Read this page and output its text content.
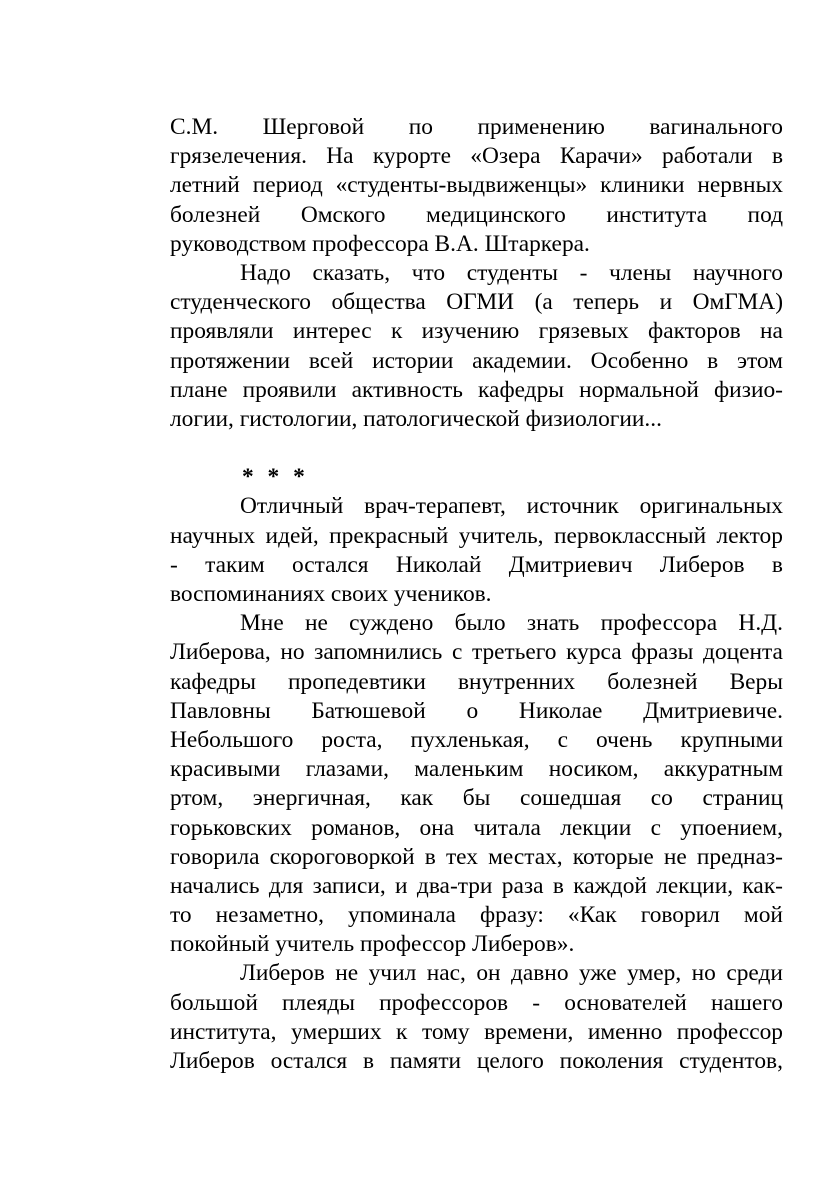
С.М. Шерговой по применению вагинального
грязелечения. На курорте «Озера Карачи» работали в
летний период «студенты-выдвиженцы» клиники нервных
болезней Омского медицинского института под
руководством профессора В.А. Штаркера.
Надо сказать, что студенты - члены научного
студенческого общества ОГМИ (а теперь и ОмГМА)
проявляли интерес к изучению грязевых факторов на
протяжении всей истории академии. Особенно в этом
плане проявили активность кафедры нормальной физио-
логии, гистологии, патологической физиологии...
* * *
Отличный врач-терапевт, источник оригинальных
научных идей, прекрасный учитель, первоклассный лектор
- таким остался Николай Дмитриевич Либеров в
воспоминаниях своих учеников.
Мне не суждено было знать профессора Н.Д.
Либерова, но запомнились с третьего курса фразы доцента
кафедры пропедевтики внутренних болезней Веры
Павловны Батюшевой о Николае Дмитриевиче.
Небольшого роста, пухленькая, с очень крупными
красивыми глазами, маленьким носиком, аккуратным
ртом, энергичная, как бы сошедшая со страниц
горьковских романов, она читала лекции с упоением,
говорила скороговоркой в тех местах, которые не предназ-
начались для записи, и два-три раза в каждой лекции, как-
то незаметно, упоминала фразу: «Как говорил мой
покойный учитель профессор Либеров».
Либеров не учил нас, он давно уже умер, но среди
большой плеяды профессоров - основателей нашего
института, умерших к тому времени, именно профессор
Либеров остался в памяти целого поколения студентов,
